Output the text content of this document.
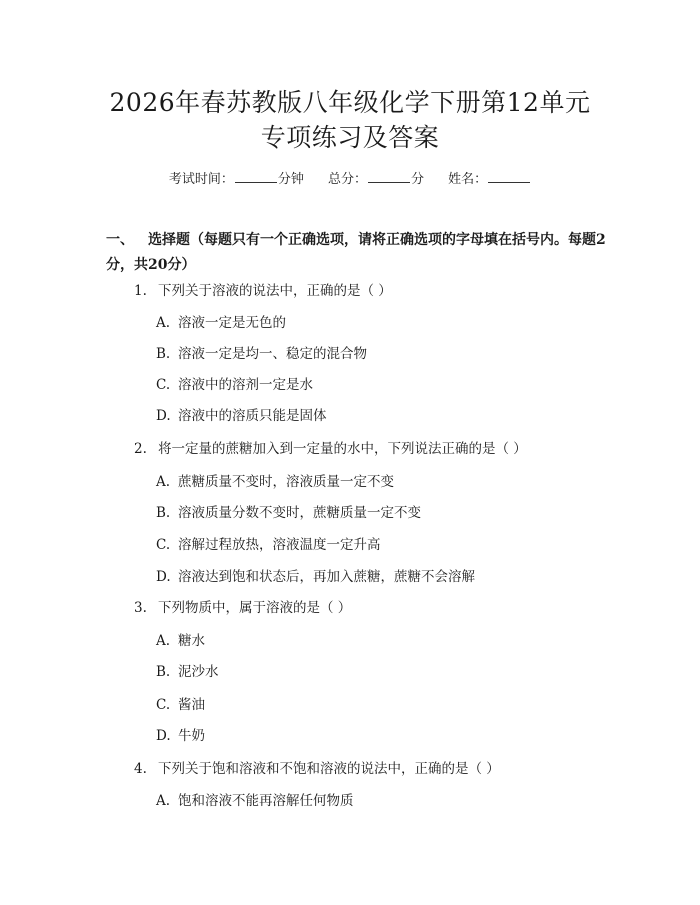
2026年春苏教版八年级化学下册第12单元
专项练习及答案
考试时间：	分钟 总分：	分 姓名：
一、 选择题（每题只有一个正确选项，请将正确选项的字母填在括号内。每题2分，共20分）
1. 下列关于溶液的说法中，正确的是（ ）
A. 溶液一定是无色的
B. 溶液一定是均一、稳定的混合物
C. 溶液中的溶剂一定是水
D. 溶液中的溶质只能是固体
2. 将一定量的蔗糖加入到一定量的水中，下列说法正确的是（ ）
A. 蔗糖质量不变时，溶液质量一定不变
B. 溶液质量分数不变时，蔗糖质量一定不变
C. 溶解过程放热，溶液温度一定升高
D. 溶液达到饱和状态后，再加入蔗糖，蔗糖不会溶解
3. 下列物质中，属于溶液的是（ ）
A. 糖水
B. 泥沙水
C. 酱油
D. 牛奶
4. 下列关于饱和溶液和不饱和溶液的说法中，正确的是（ ）
A. 饱和溶液不能再溶解任何物质
